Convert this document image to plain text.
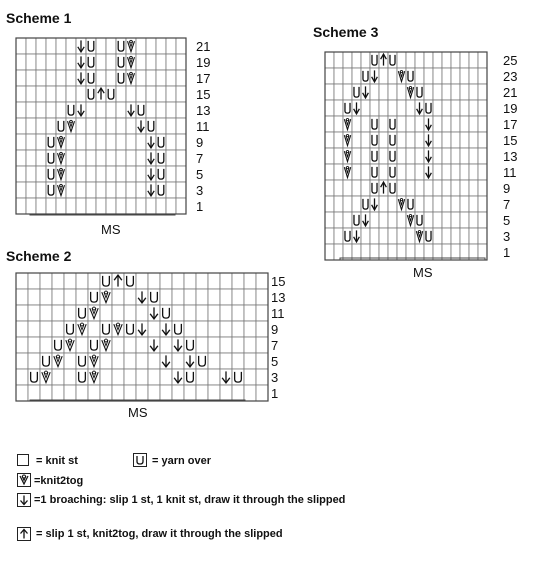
Scheme 1
Scheme 2
Scheme 3
21
19
17
15
13
11
9
7
5
3
1
15
13
11
9
7
5
3
1
25
23
21
19
17
15
13
11
9
7
5
3
1
MS
MS
MS
= knit st	= yarn over
=knit2tog
=1 broaching: slip 1 st, 1 knit st, draw it through the slipped
= slip 1 st, knit2tog, draw it through the slipped
